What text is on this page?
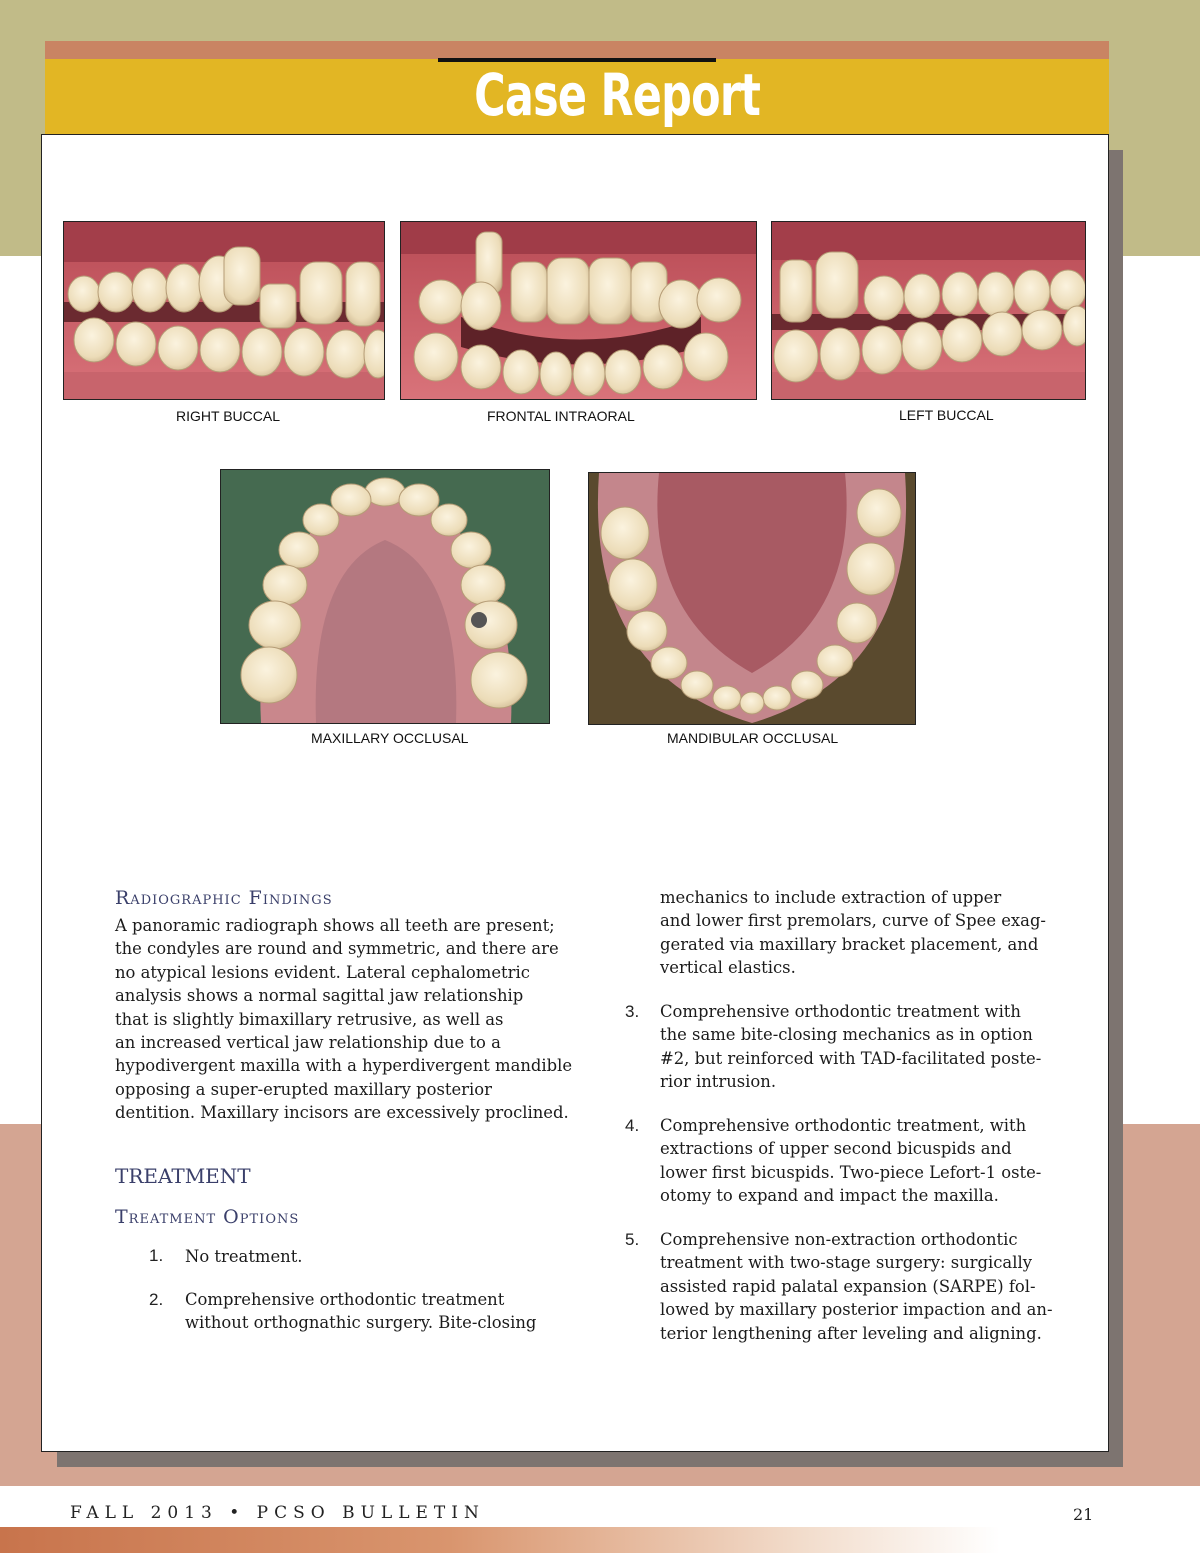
Case Report
RIGHT BUCCAL	FRONTAL INTRAORAL	LEFT BUCCAL
MAXILLARY OCCLUSAL	MANDIBULAR OCCLUSAL
Radiographic Findings
A panoramic radiograph shows all teeth are present;
the condyles are round and symmetric, and there are
no atypical lesions evident. Lateral cephalometric
analysis shows a normal sagittal jaw relationship
that is slightly bimaxillary retrusive, as well as
an increased vertical jaw relationship due to a
hypodivergent maxilla with a hyperdivergent mandible
opposing a super-erupted maxillary posterior
dentition. Maxillary incisors are excessively proclined.
TREATMENT
Treatment Options
1. No treatment.
2. Comprehensive orthodontic treatment
without orthognathic surgery. Bite-closing
mechanics to include extraction of upper
and lower first premolars, curve of Spee exag-
gerated via maxillary bracket placement, and
vertical elastics.
3. Comprehensive orthodontic treatment with
the same bite-closing mechanics as in option
#2, but reinforced with TAD-facilitated poste-
rior intrusion.
4. Comprehensive orthodontic treatment, with
extractions of upper second bicuspids and
lower first bicuspids. Two-piece Lefort-1 oste-
otomy to expand and impact the maxilla.
5. Comprehensive non-extraction orthodontic
treatment with two-stage surgery: surgically
assisted rapid palatal expansion (SARPE) fol-
lowed by maxillary posterior impaction and an-
terior lengthening after leveling and aligning.
FALL 2013 • PCSO BULLETIN	21
